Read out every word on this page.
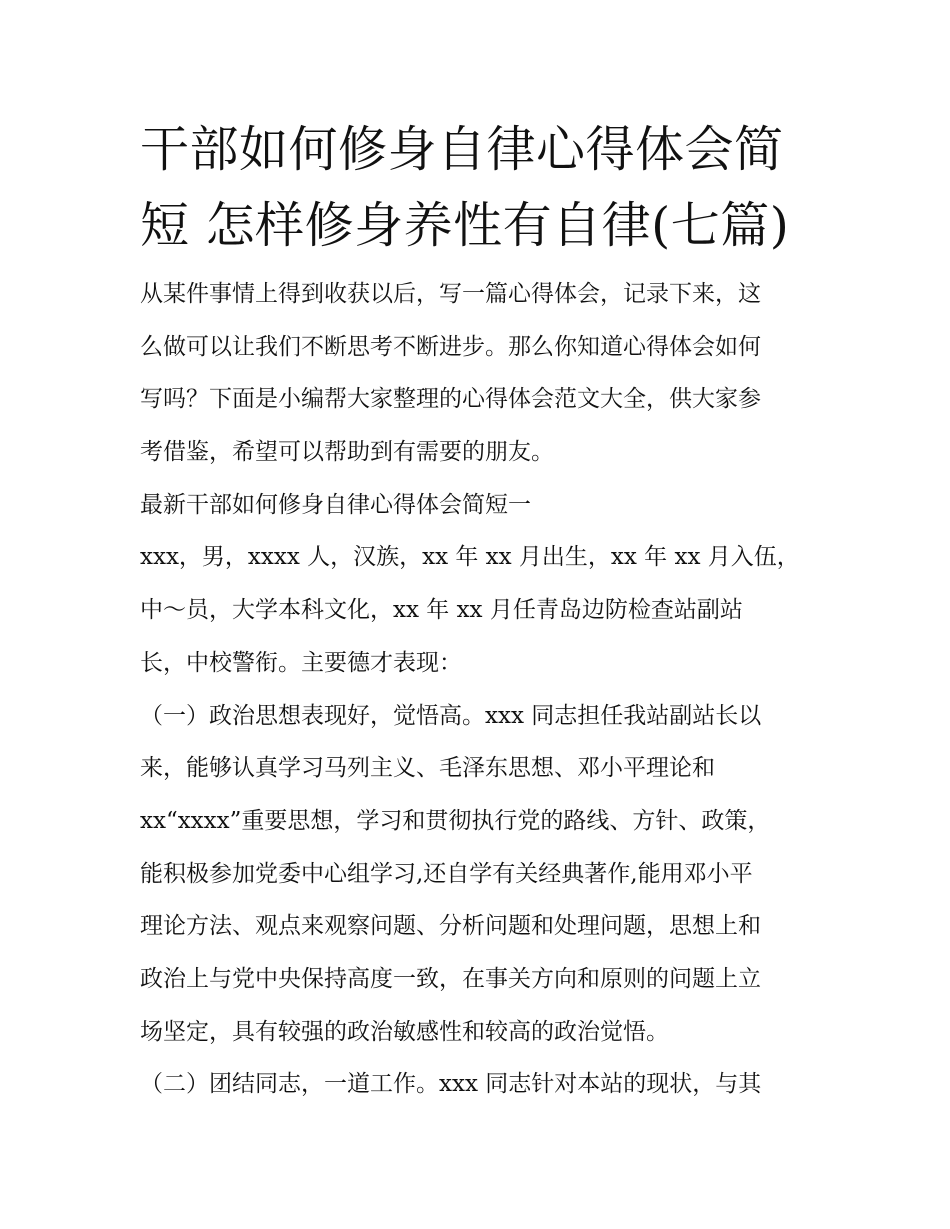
干部如何修身自律心得体会简
短 怎样修身养性有自律(七篇)
从某件事情上得到收获以后，写一篇心得体会，记录下来，这
么做可以让我们不断思考不断进步。那么你知道心得体会如何
写吗？下面是小编帮大家整理的心得体会范文大全，供大家参
考借鉴，希望可以帮助到有需要的朋友。
最新干部如何修身自律心得体会简短一
xxx，男，xxxx 人，汉族，xx 年 xx 月出生，xx 年 xx 月入伍，
中～员，大学本科文化，xx 年 xx 月任青岛边防检查站副站
长，中校警衔。主要德才表现：
（一）政治思想表现好，觉悟高。xxx 同志担任我站副站长以
来，能够认真学习马列主义、毛泽东思想、邓小平理论和
xx“xxxx”重要思想，学习和贯彻执行党的路线、方针、政策，
能积极参加党委中心组学习,还自学有关经典著作,能用邓小平
理论方法、观点来观察问题、分析问题和处理问题，思想上和
政治上与党中央保持高度一致，在事关方向和原则的问题上立
场坚定，具有较强的政治敏感性和较高的政治觉悟。
（二）团结同志，一道工作。xxx 同志针对本站的现状，与其
